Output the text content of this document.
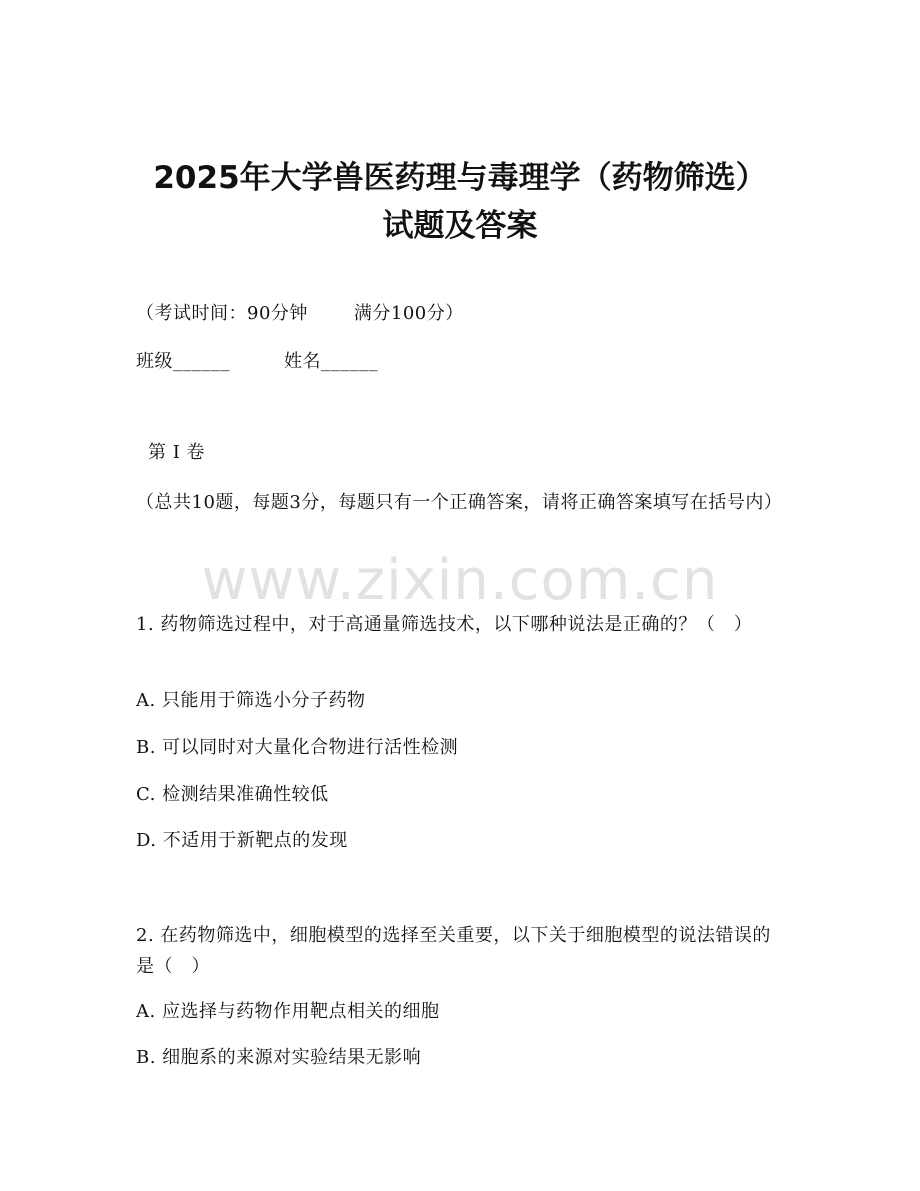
2025年大学兽医药理与毒理学（药物筛选）
试题及答案
（考试时间：90分钟	满分100分）
班级______	姓名______
第 I 卷
（总共10题，每题3分，每题只有一个正确答案，请将正确答案填写在括号内）
www.zixin.com.cn
1. 药物筛选过程中，对于高通量筛选技术，以下哪种说法是正确的？（　）
A. 只能用于筛选小分子药物
B. 可以同时对大量化合物进行活性检测
C. 检测结果准确性较低
D. 不适用于新靶点的发现
2. 在药物筛选中，细胞模型的选择至关重要，以下关于细胞模型的说法错误的是（　）
A. 应选择与药物作用靶点相关的细胞
B. 细胞系的来源对实验结果无影响
